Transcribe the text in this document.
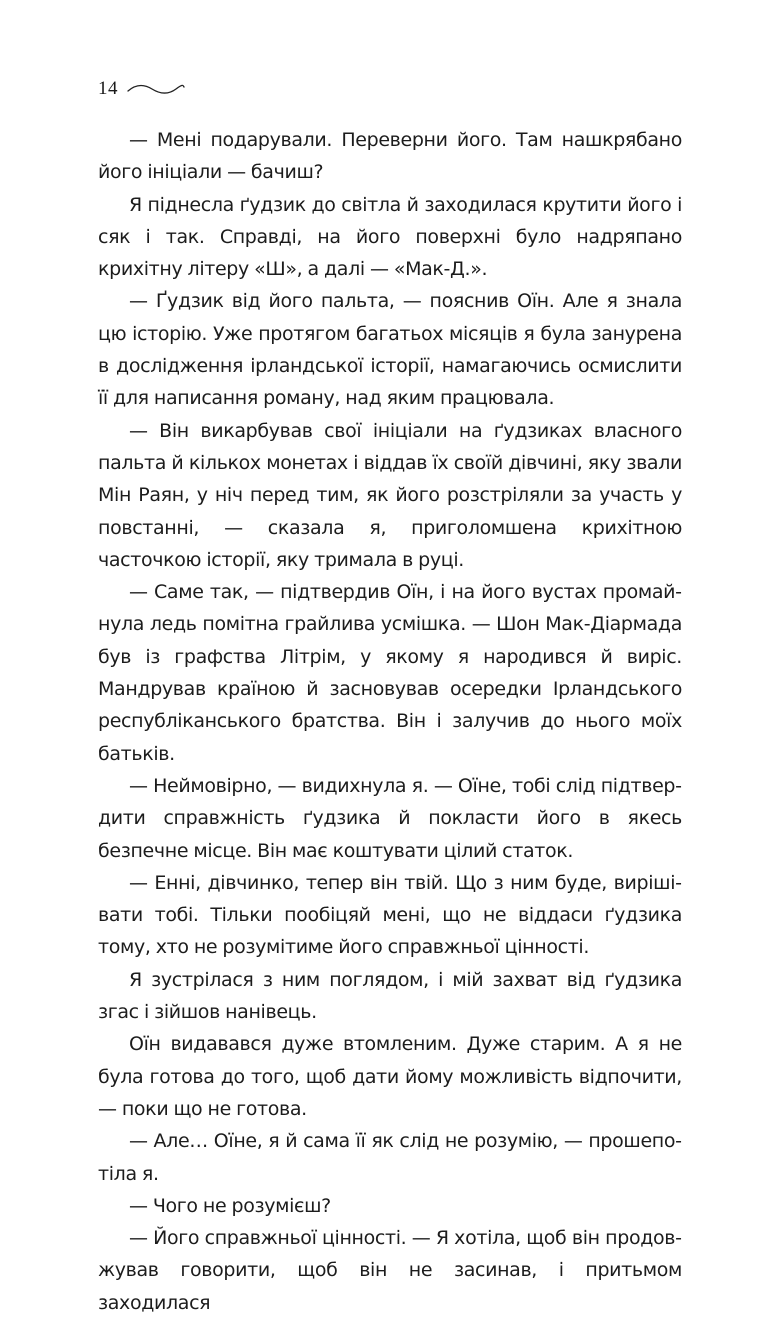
14

— Мені подарували. Переверни його. Там нашкрябано його ініціали — бачиш?

Я піднесла ґудзик до світла й заходилася крутити його і сяк і так. Справді, на його поверхні було надряпано крихітну літеру «Ш», а далі — «Мак-Д.».

— Ґудзик від його пальта, — пояснив Оїн. Але я знала цю історію. Уже протягом багатьох місяців я була занурена в дослідження ірландської історії, намагаючись осмислити її для написання роману, над яким працювала.

— Він викарбував свої ініціали на ґудзиках власного пальта й кількох монетах і віддав їх своїй дівчині, яку звали Мін Раян, у ніч перед тим, як його розстріляли за участь у повстанні, — сказала я, приголомшена крихітною часточкою історії, яку тримала в руці.

— Саме так, — підтвердив Оїн, і на його вустах промайнула ледь помітна грайлива усмішка. — Шон Мак-Діармада був із графства Літрім, у якому я народився й виріс. Мандрував країною й засновував осередки Ірландського республіканського братства. Він і залучив до нього моїх батьків.

— Неймовірно, — видихнула я. — Оїне, тобі слід підтвердити справжність ґудзика й покласти його в якесь безпечне місце. Він має коштувати цілий статок.

— Енні, дівчинко, тепер він твій. Що з ним буде, вирішівати тобі. Тільки пообіцяй мені, що не віддаси ґудзика тому, хто не розумітиме його справжньої цінності.

Я зустрілася з ним поглядом, і мій захват від ґудзика згас і зійшов нанівець.

Оїн видавався дуже втомленим. Дуже старим. А я не була готова до того, щоб дати йому можливість відпочити, — поки що не готова.

— Але… Оїне, я й сама її як слід не розумію, — прошепотіла я.

— Чого не розумієш?

— Його справжньої цінності. — Я хотіла, щоб він продовжував говорити, щоб він не засинав, і притьмом заходилася
